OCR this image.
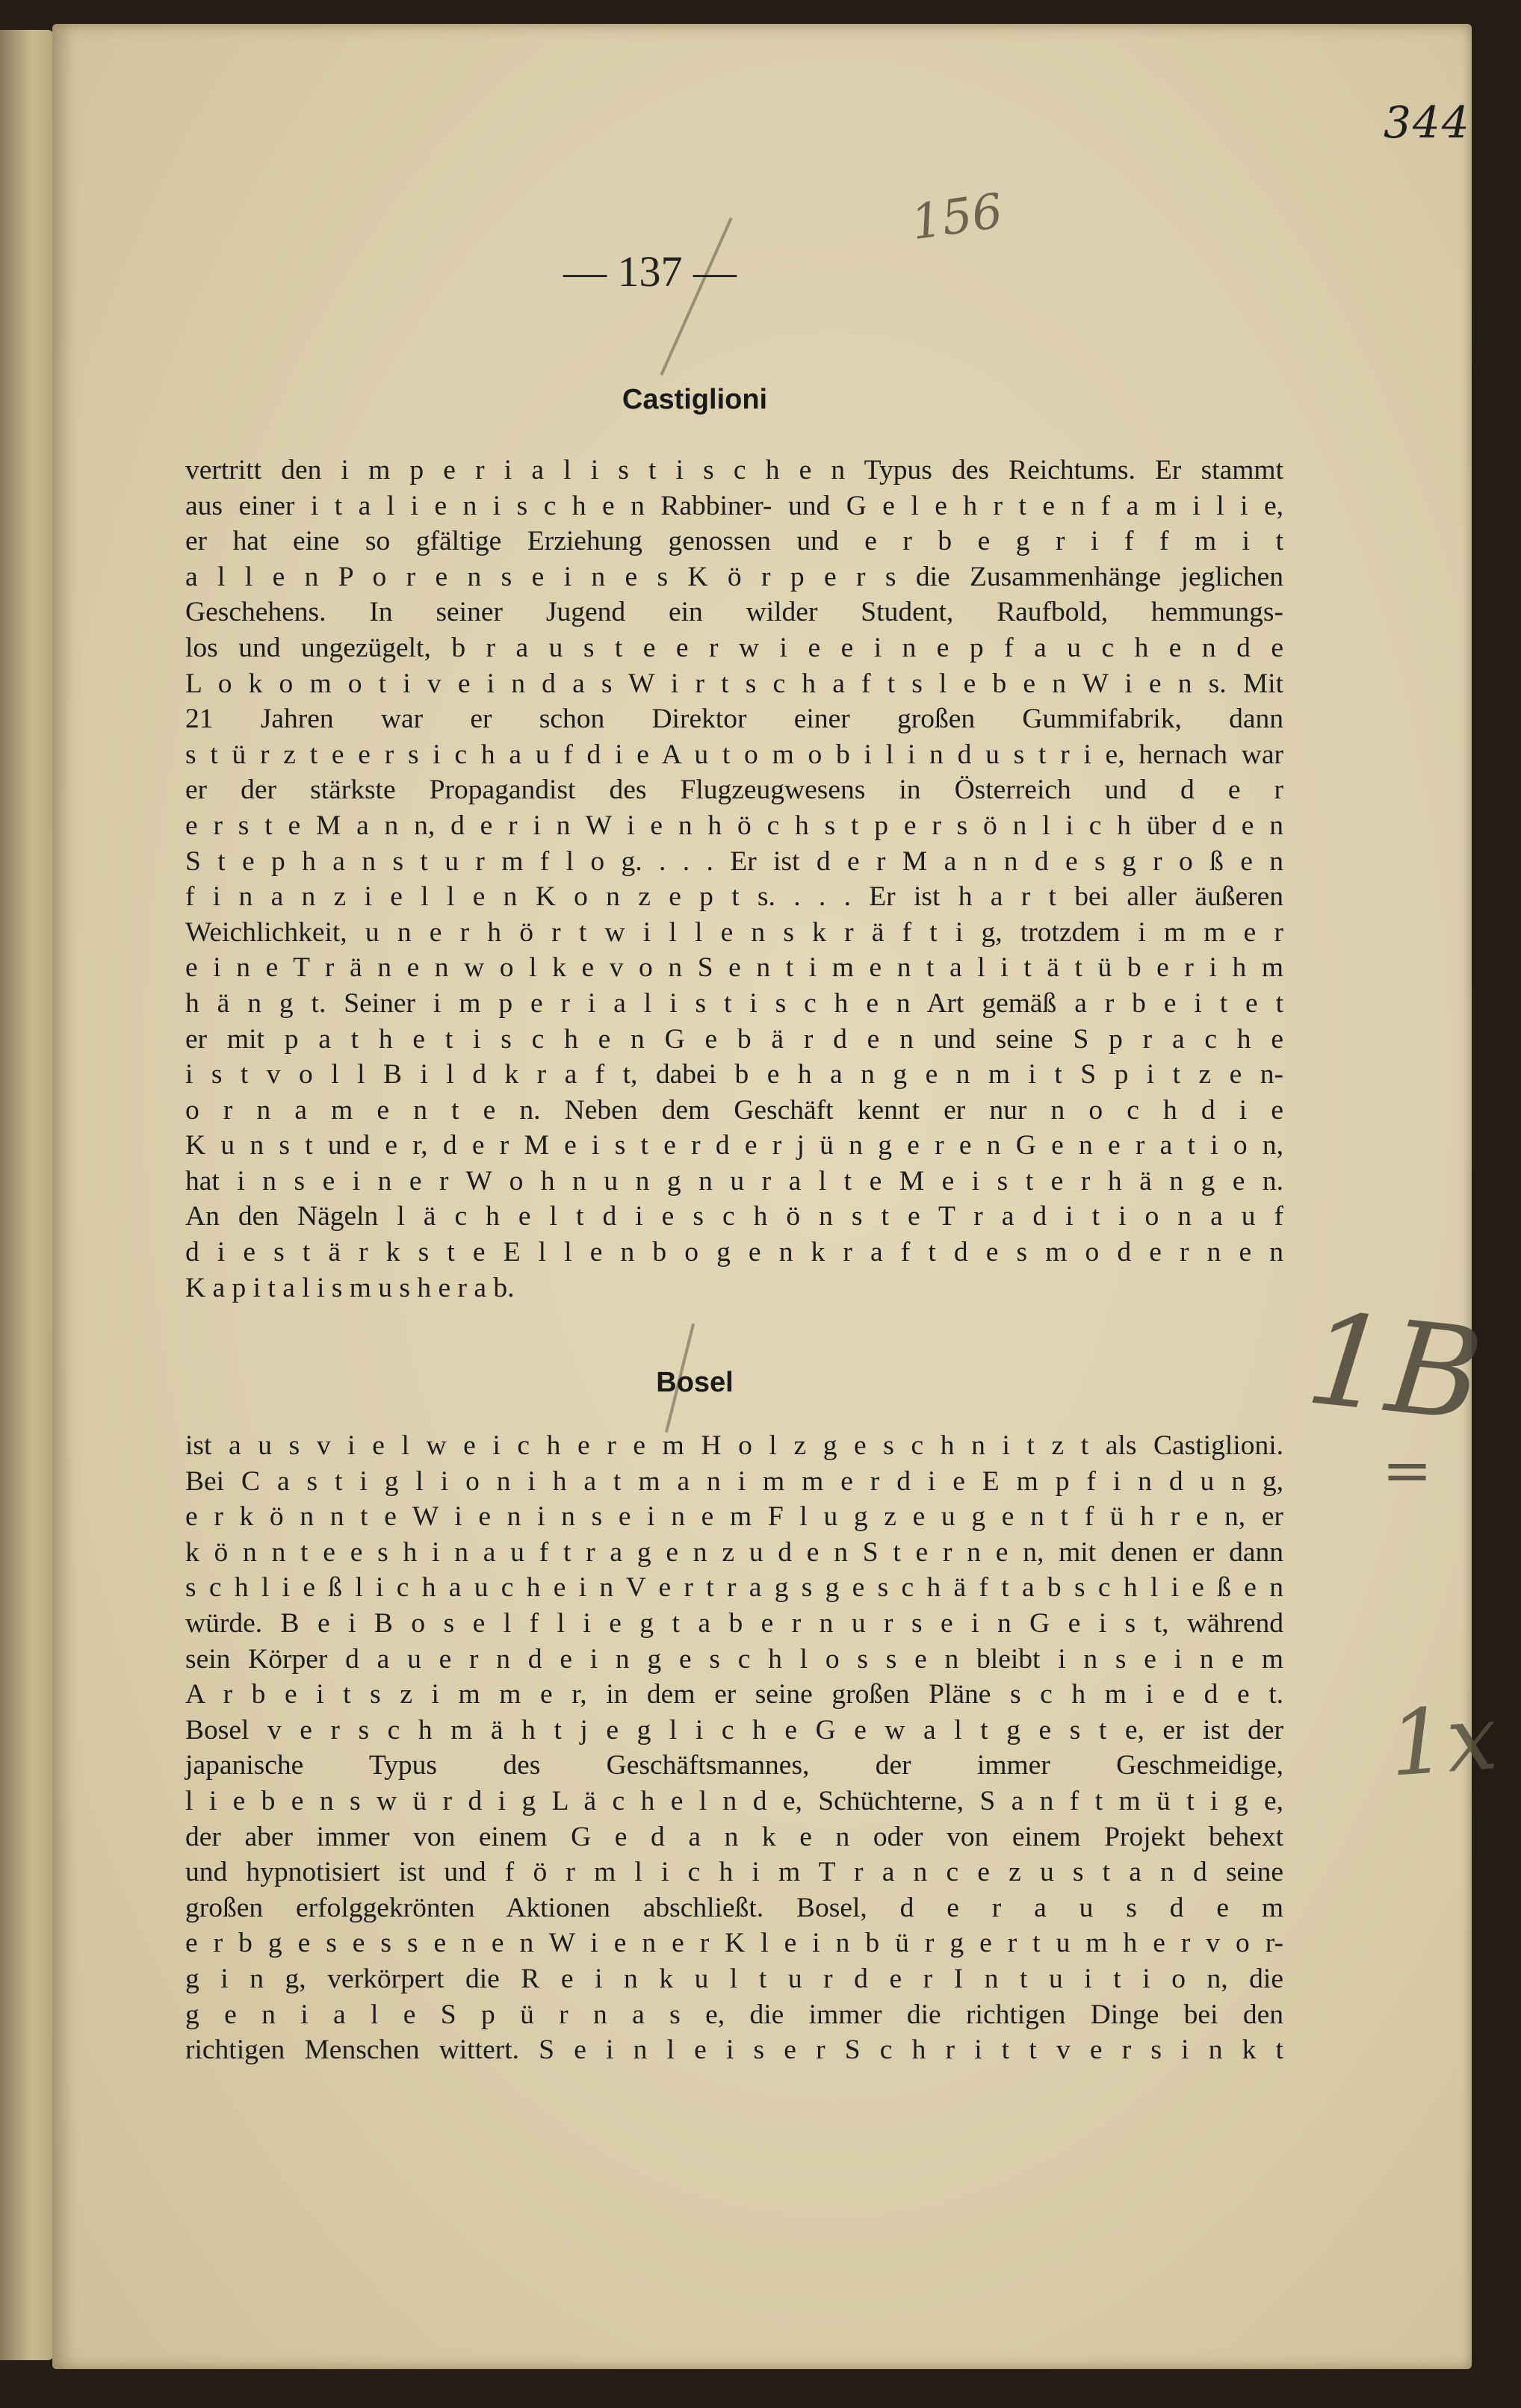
344
156
— 137 —
Castiglioni
vertritt den i m p e r i a l i s t i s c h e n Typus des Reichtums. Er stammt
aus einer i t a l i e n i s c h e n Rabbiner- und G e l e h r t e n f a m i l i e,
er hat eine so gfältige Erziehung genossen und e r b e g r i f f m i t
a l l e n P o r e n s e i n e s K ö r p e r s die Zusammenhänge jeglichen
Geschehens. In seiner Jugend ein wilder Student, Raufbold, hemmungs-
los und ungezügelt, b r a u s t e e r w i e e i n e p f a u c h e n d e
L o k o m o t i v e i n d a s W i r t s c h a f t s l e b e n W i e n s. Mit
21 Jahren war er schon Direktor einer großen Gummifabrik, dann
s t ü r z t e e r s i c h a u f d i e A u t o m o b i l i n d u s t r i e, hernach war
er der stärkste Propagandist des Flugzeugwesens in Österreich und d e r
e r s t e M a n n, d e r i n W i e n h ö c h s t p e r s ö n l i c h über d e n
S t e p h a n s t u r m f l o g. . . . Er ist d e r M a n n d e s g r o ß e n
f i n a n z i e l l e n K o n z e p t s. . . . Er ist h a r t bei aller äußeren
Weichlichkeit, u n e r h ö r t w i l l e n s k r ä f t i g, trotzdem i m m e r
e i n e T r ä n e n w o l k e v o n S e n t i m e n t a l i t ä t ü b e r i h m
h ä n g t. Seiner i m p e r i a l i s t i s c h e n Art gemäß a r b e i t e t
er mit p a t h e t i s c h e n G e b ä r d e n und seine S p r a c h e
i s t v o l l B i l d k r a f t, dabei b e h a n g e n m i t S p i t z e n-
o r n a m e n t e n. Neben dem Geschäft kennt er nur n o c h d i e
K u n s t und e r, d e r M e i s t e r d e r j ü n g e r e n G e n e r a t i o n,
hat i n s e i n e r W o h n u n g n u r a l t e M e i s t e r h ä n g e n.
An den Nägeln l ä c h e l t d i e s c h ö n s t e T r a d i t i o n a u f
d i e s t ä r k s t e E l l e n b o g e n k r a f t d e s m o d e r n e n
K a p i t a l i s m u s h e r a b.
Bosel	1B
=
1x
ist a u s v i e l w e i c h e r e m H o l z g e s c h n i t z t als Castiglioni.
Bei C a s t i g l i o n i h a t m a n i m m e r d i e E m p f i n d u n g,
e r k ö n n t e W i e n i n s e i n e m F l u g z e u g e n t f ü h r e n, er
k ö n n t e e s h i n a u f t r a g e n z u d e n S t e r n e n, mit denen er dann
s c h l i e ß l i c h a u c h e i n V e r t r a g s g e s c h ä f t a b s c h l i e ß e n
würde. B e i B o s e l f l i e g t a b e r n u r s e i n G e i s t, während
sein Körper d a u e r n d e i n g e s c h l o s s e n bleibt i n s e i n e m
A r b e i t s z i m m e r, in dem er seine großen Pläne s c h m i e d e t.
Bosel v e r s c h m ä h t j e g l i c h e G e w a l t g e s t e, er ist der
japanische Typus des Geschäftsmannes, der immer Geschmeidige,
l i e b e n s w ü r d i g L ä c h e l n d e, Schüchterne, S a n f t m ü t i g e,
der aber immer von einem G e d a n k e n oder von einem Projekt behext
und hypnotisiert ist und f ö r m l i c h i m T r a n c e z u s t a n d seine
großen erfolggekrönten Aktionen abschließt. Bosel, d e r a u s d e m
e r b g e s e s s e n e n W i e n e r K l e i n b ü r g e r t u m h e r v o r-
g i n g, verkörpert die R e i n k u l t u r d e r I n t u i t i o n, die
g e n i a l e S p ü r n a s e, die immer die richtigen Dinge bei den
richtigen Menschen wittert. S e i n l e i s e r S c h r i t t v e r s i n k t
